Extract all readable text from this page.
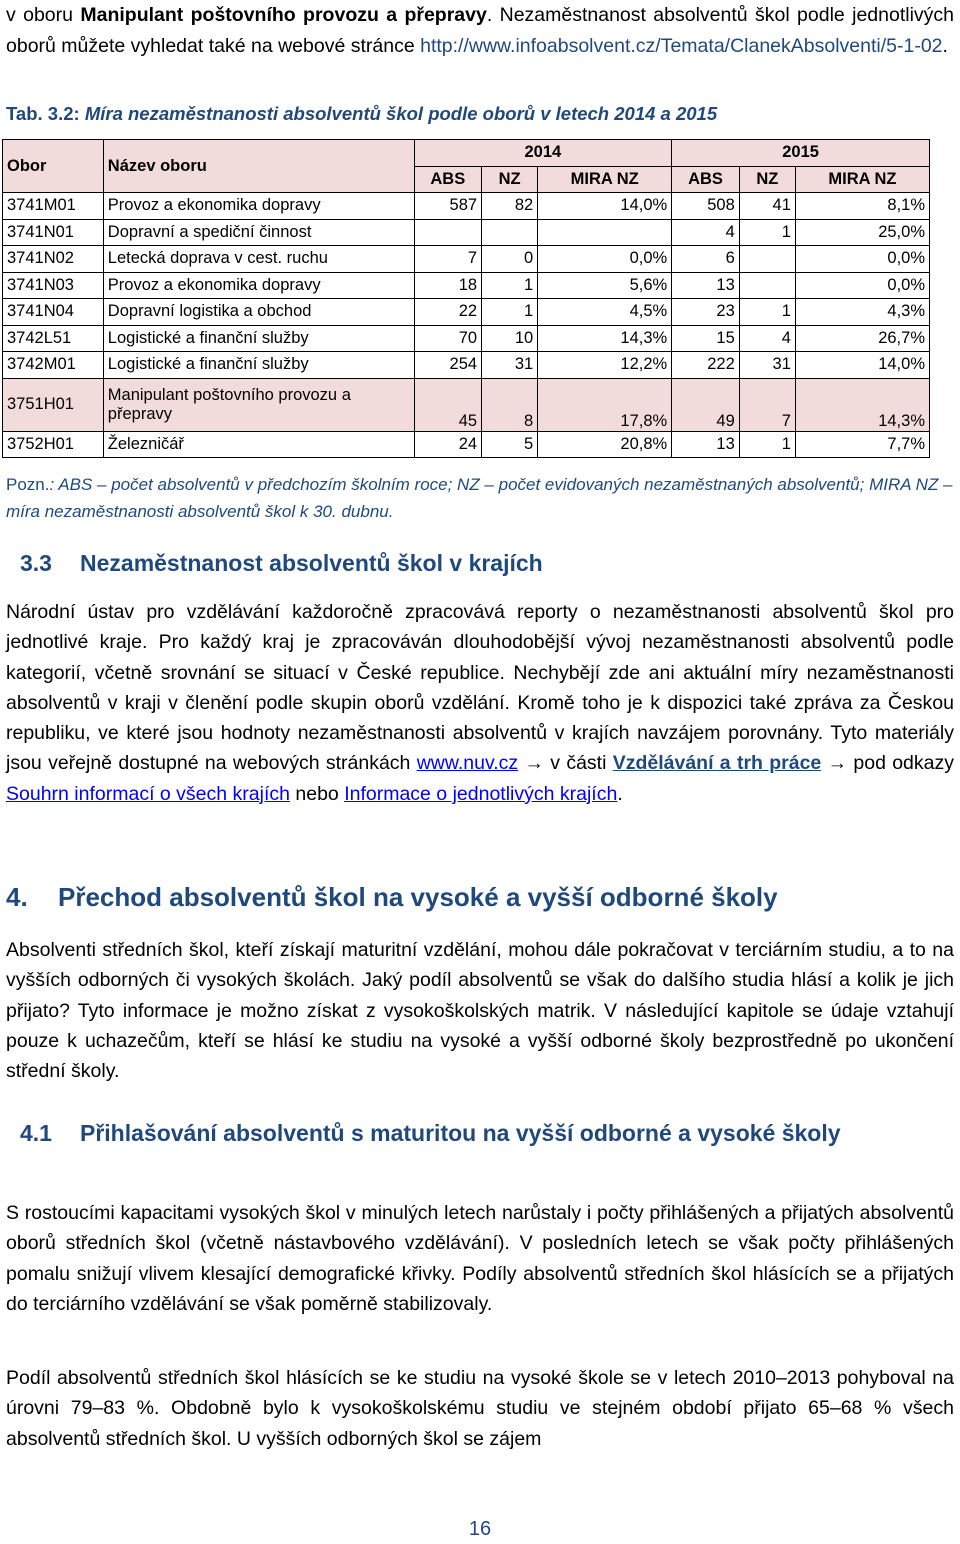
v oboru Manipulant poštovního provozu a přepravy. Nezaměstnanost absolventů škol podle jednotlivých oborů můžete vyhledat také na webové stránce http://www.infoabsolvent.cz/Temata/ClanekAbsolventi/5-1-02.

Tab. 3.2: Míra nezaměstnanosti absolventů škol podle oborů v letech 2014 a 2015
Obor	Název oboru	2014			2015		
		ABS	NZ	MIRA NZ	ABS	NZ	MIRA NZ
3741M01	Provoz a ekonomika dopravy	587	82	14,0%	508	41	8,1%
3741N01	Dopravní a spediční činnost				4	1	25,0%
3741N02	Letecká doprava v cest. ruchu	7	0	0,0%	6		0,0%
3741N03	Provoz a ekonomika dopravy	18	1	5,6%	13		0,0%
3741N04	Dopravní logistika a obchod	22	1	4,5%	23	1	4,3%
3742L51	Logistické a finanční služby	70	10	14,3%	15	4	26,7%
3742M01	Logistické a finanční služby	254	31	12,2%	222	31	14,0%
3751H01	Manipulant poštovního provozu a přepravy	45	8	17,8%	49	7	14,3%
3752H01	Železničář	24	5	20,8%	13	1	7,7%

Pozn.: ABS – počet absolventů v předchozím školním roce; NZ – počet evidovaných nezaměstnaných absolventů; MIRA NZ – míra nezaměstnanosti absolventů škol k 30. dubnu.

3.3 Nezaměstnanost absolventů škol v krajích

Národní ústav pro vzdělávání každoročně zpracovává reporty o nezaměstnanosti absolventů škol pro jednotlivé kraje. Pro každý kraj je zpracováván dlouhodobější vývoj nezaměstnanosti absolventů podle kategorií, včetně srovnání se situací v České republice. Nechybějí zde ani aktuální míry nezaměstnanosti absolventů v kraji v členění podle skupin oborů vzdělání. Kromě toho je k dispozici také zpráva za Českou republiku, ve které jsou hodnoty nezaměstnanosti absolventů v krajích navzájem porovnány. Tyto materiály jsou veřejně dostupné na webových stránkách www.nuv.cz → v části Vzdělávání a trh práce → pod odkazy Souhrn informací o všech krajích nebo Informace o jednotlivých krajích.

4. Přechod absolventů škol na vysoké a vyšší odborné školy

Absolventi středních škol, kteří získají maturitní vzdělání, mohou dále pokračovat v terciárním studiu, a to na vyšších odborných či vysokých školách. Jaký podíl absolventů se však do dalšího studia hlásí a kolik je jich přijato? Tyto informace je možno získat z vysokoškolských matrik. V následující kapitole se údaje vztahují pouze k uchazečům, kteří se hlásí ke studiu na vysoké a vyšší odborné školy bezprostředně po ukončení střední školy.

4.1 Přihlašování absolventů s maturitou na vyšší odborné a vysoké školy

S rostoucími kapacitami vysokých škol v minulých letech narůstaly i počty přihlášených a přijatých absolventů oborů středních škol (včetně nástavbového vzdělávání). V posledních letech se však počty přihlášených pomalu snižují vlivem klesající demografické křivky. Podíly absolventů středních škol hlásících se a přijatých do terciárního vzdělávání se však poměrně stabilizovaly.

Podíl absolventů středních škol hlásících se ke studiu na vysoké škole se v letech 2010–2013 pohyboval na úrovni 79–83 %. Obdobně bylo k vysokoškolskému studiu ve stejném období přijato 65–68 % všech absolventů středních škol. U vyšších odborných škol se zájem

16
